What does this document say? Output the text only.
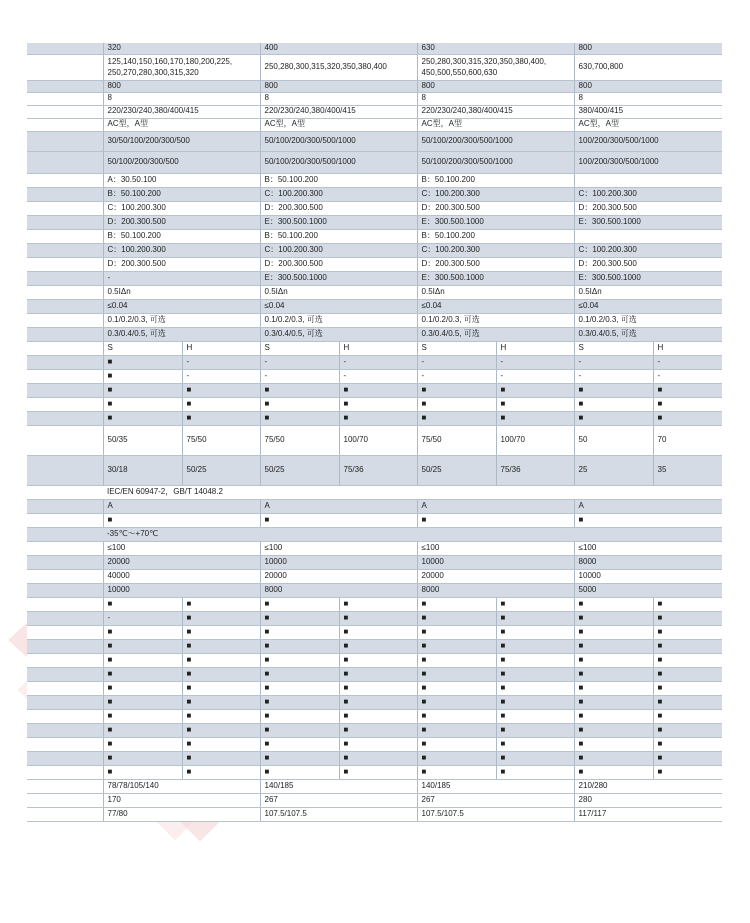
	320		400		630		800	
	125,140,150,160,170,180,200,225,
250,270,280,300,315,320		250,280,300,315,320,350,380,400		250,280,300,315,320,350,380,400,
450,500,550,600,630		630,700,800	
	800		800		800		800	
	8		8		8		8	
	220/230/240,380/400/415		220/230/240,380/400/415		220/230/240,380/400/415		380/400/415	
	AC型，A型		AC型，A型		AC型，A型		AC型，A型	
	30/50/100/200/300/500		50/100/200/300/500/1000		50/100/200/300/500/1000		100/200/300/500/1000	
	50/100/200/300/500		50/100/200/300/500/1000		50/100/200/300/500/1000		100/200/300/500/1000	
	A：30.50.100		B：50.100.200		B：50.100.200			
	B：50.100.200		C：100.200.300		C：100.200.300		C：100.200.300	
	C：100.200.300		D：200.300.500		D：200.300.500		D：200.300.500	
	D：200.300.500		E：300.500.1000		E：300.500.1000		E：300.500.1000	
	B：50.100.200		B：50.100.200		B：50.100.200			
	C：100.200.300		C：100.200.300		C：100.200.300		C：100.200.300	
	D：200.300.500		D：200.300.500		D：200.300.500		D：200.300.500	
	-		E：300.500.1000		E：300.500.1000		E：300.500.1000	
	0.5IΔn		0.5IΔn		0.5IΔn		0.5IΔn	
	≤0.04		≤0.04		≤0.04		≤0.04	
	0.1/0.2/0.3, 可选		0.1/0.2/0.3, 可选		0.1/0.2/0.3, 可选		0.1/0.2/0.3, 可选	
	0.3/0.4/0.5, 可选		0.3/0.4/0.5, 可选		0.3/0.4/0.5, 可选		0.3/0.4/0.5, 可选	
	S	H	S	H	S	H	S	H
	■	-	-	-	-	-	-	-
	■	-	-	-	-	-	-	-
	■	■	■	■	■	■	■	■
	■	■	■	■	■	■	■	■
	■	■	■	■	■	■	■	■
	50/35	75/50	75/50	100/70	75/50	100/70	50	70
	30/18	50/25	50/25	75/36	50/25	75/36	25	35
	IEC/EN 60947-2，GB/T 14048.2							
	A		A		A		A	
	■		■		■		■	
	-35℃～+70℃							
	≤100		≤100		≤100		≤100	
	20000		10000		10000		8000	
	40000		20000		20000		10000	
	10000		8000		8000		5000	
	■	■	■	■	■	■	■	■
	-	■	■	■	■	■	■	■
	■	■	■	■	■	■	■	■
	■	■	■	■	■	■	■	■
	■	■	■	■	■	■	■	■
	■	■	■	■	■	■	■	■
	■	■	■	■	■	■	■	■
	■	■	■	■	■	■	■	■
	■	■	■	■	■	■	■	■
	■	■	■	■	■	■	■	■
	■	■	■	■	■	■	■	■
	■	■	■	■	■	■	■	■
	■	■	■	■	■	■	■	■
	78/78/105/140		140/185		140/185		210/280	
	170		267		267		280	
	77/80		107.5/107.5		107.5/107.5		117/117	
